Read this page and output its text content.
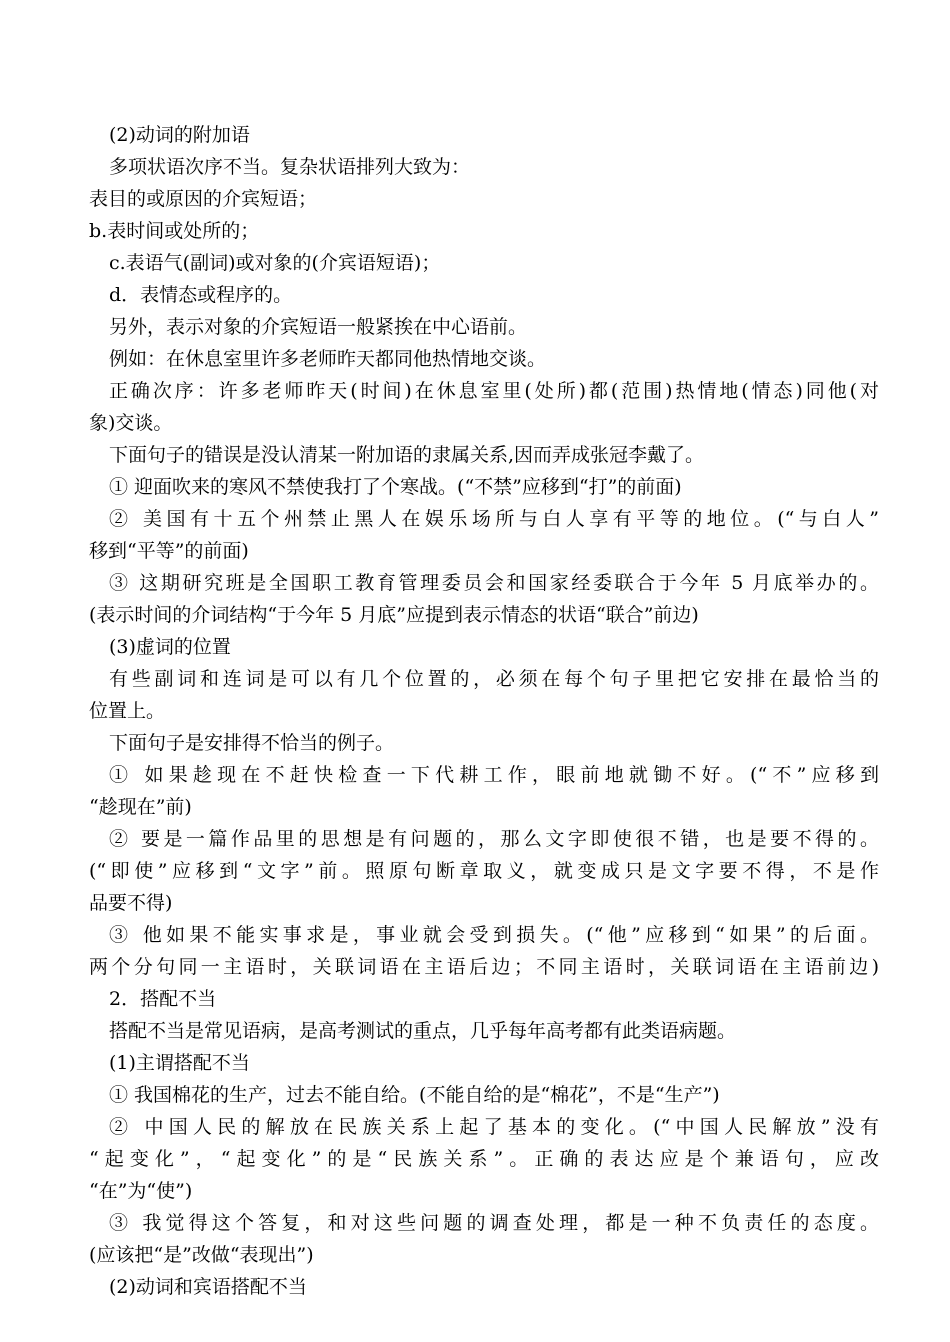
(2)动词的附加语
多项状语次序不当。复杂状语排列大致为：
表目的或原因的介宾短语；
b.表时间或处所的；
c.表语气(副词)或对象的(介宾语短语)；
d．表情态或程序的。
另外，表示对象的介宾短语一般紧挨在中心语前。
例如：在休息室里许多老师昨天都同他热情地交谈。
正确次序：许多老师昨天(时间)在休息室里(处所)都(范围)热情地(情态)同他(对
象)交谈。
下面句子的错误是没认清某一附加语的隶属关系,因而弄成张冠李戴了。
① 迎面吹来的寒风不禁使我打了个寒战。(“不禁”应移到“打”的前面)
② 美国有十五个州禁止黑人在娱乐场所与白人享有平等的地位。(“与白人”
移到“平等”的前面)
③ 这期研究班是全国职工教育管理委员会和国家经委联合于今年 5 月底举办的。
(表示时间的介词结构“于今年 5 月底”应提到表示情态的状语“联合”前边)
(3)虚词的位置
有些副词和连词是可以有几个位置的，必须在每个句子里把它安排在最恰当的
位置上。
下面句子是安排得不恰当的例子。
① 如果趁现在不赶快检查一下代耕工作，眼前地就锄不好。(“不”应移到
“趁现在”前)
② 要是一篇作品里的思想是有问题的，那么文字即使很不错，也是要不得的。
(“即使”应移到“文字”前。照原句断章取义，就变成只是文字要不得，不是作
品要不得)
③ 他如果不能实事求是，事业就会受到损失。(“他”应移到“如果”的后面。
两个分句同一主语时，关联词语在主语后边；不同主语时，关联词语在主语前边)
2．搭配不当
搭配不当是常见语病，是高考测试的重点，几乎每年高考都有此类语病题。
(1)主谓搭配不当
① 我国棉花的生产，过去不能自给。(不能自给的是“棉花”，不是“生产”)
② 中国人民的解放在民族关系上起了基本的变化。(“中国人民解放”没有
“起变化”，“起变化”的是“民族关系”。正确的表达应是个兼语句，应改
“在”为“使”)
③ 我觉得这个答复，和对这些问题的调查处理，都是一种不负责任的态度。
(应该把“是”改做“表现出”)
(2)动词和宾语搭配不当
